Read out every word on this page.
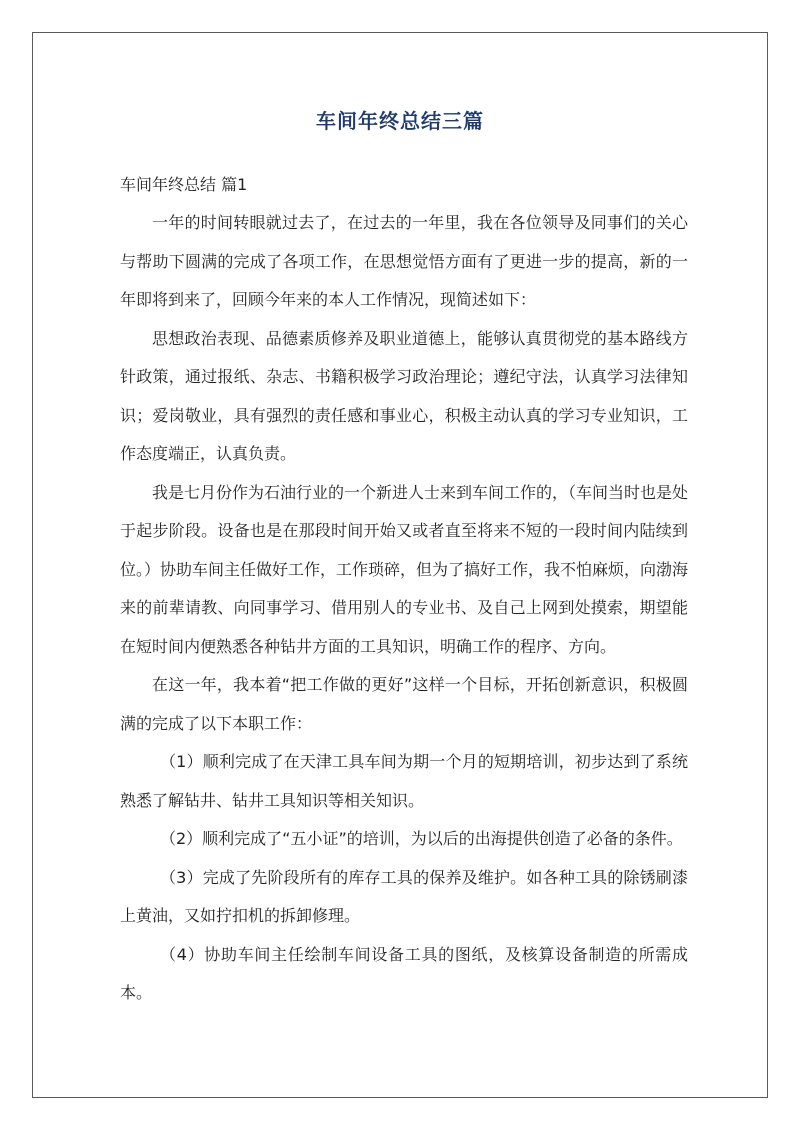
车间年终总结三篇

车间年终总结 篇1

一年的时间转眼就过去了，在过去的一年里，我在各位领导及同事们的关心与帮助下圆满的完成了各项工作，在思想觉悟方面有了更进一步的提高，新的一年即将到来了，回顾今年来的本人工作情况，现简述如下：

思想政治表现、品德素质修养及职业道德上，能够认真贯彻党的基本路线方针政策，通过报纸、杂志、书籍积极学习政治理论；遵纪守法，认真学习法律知识；爱岗敬业，具有强烈的责任感和事业心，积极主动认真的学习专业知识，工作态度端正，认真负责。

我是七月份作为石油行业的一个新进人士来到车间工作的，（车间当时也是处于起步阶段。设备也是在那段时间开始又或者直至将来不短的一段时间内陆续到位。）协助车间主任做好工作，工作琐碎，但为了搞好工作，我不怕麻烦，向渤海来的前辈请教、向同事学习、借用别人的专业书、及自己上网到处摸索，期望能在短时间内便熟悉各种钻井方面的工具知识，明确工作的程序、方向。

在这一年，我本着“把工作做的更好”这样一个目标，开拓创新意识，积极圆满的完成了以下本职工作：

（1）顺利完成了在天津工具车间为期一个月的短期培训，初步达到了系统熟悉了解钻井、钻井工具知识等相关知识。

（2）顺利完成了“五小证”的培训，为以后的出海提供创造了必备的条件。

（3）完成了先阶段所有的库存工具的保养及维护。如各种工具的除锈刷漆上黄油，又如拧扣机的拆卸修理。

（4）协助车间主任绘制车间设备工具的图纸，及核算设备制造的所需成本。
